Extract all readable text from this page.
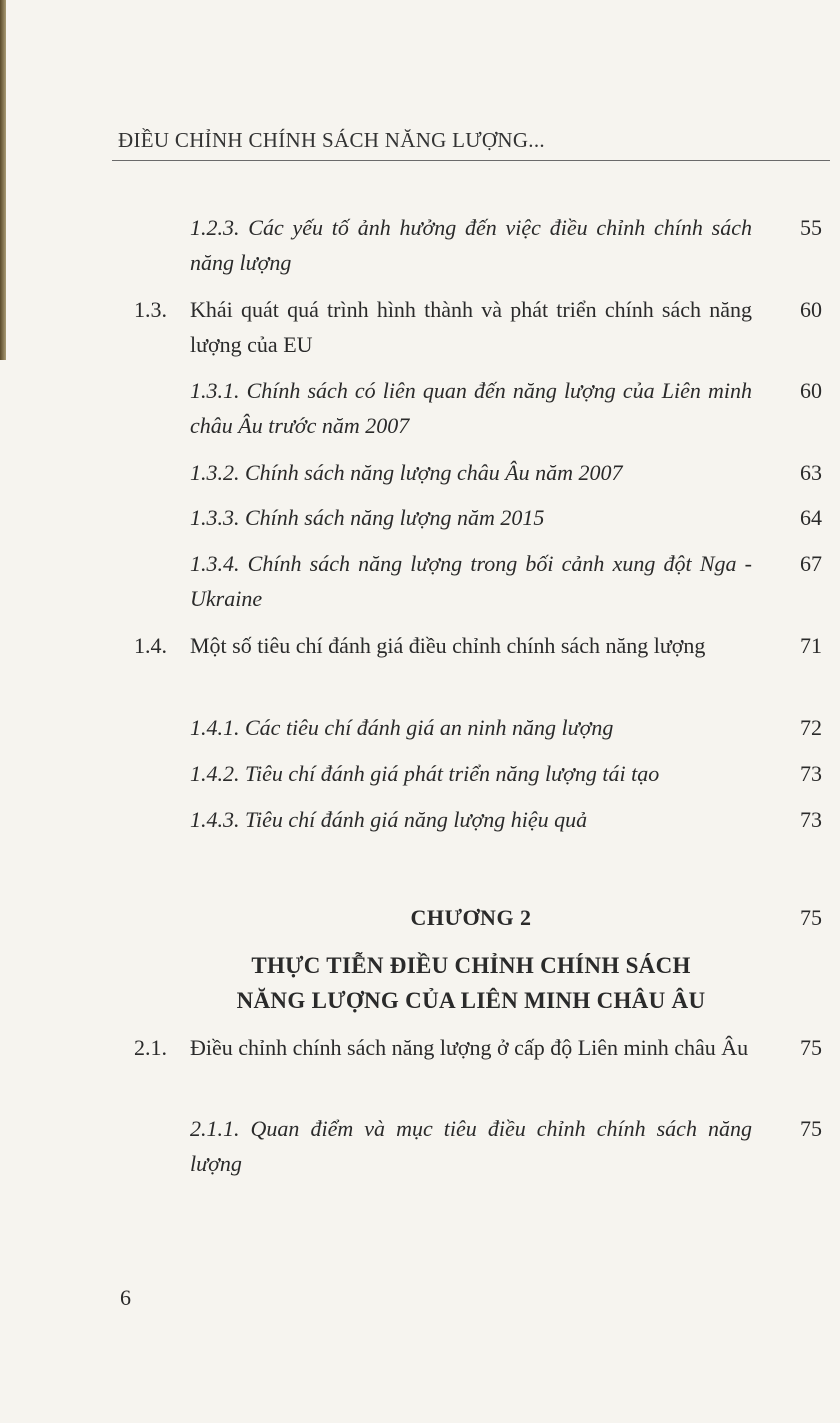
ĐIỀU CHỈNH CHÍNH SÁCH NĂNG LƯỢNG...
1.2.3. Các yếu tố ảnh hưởng đến việc điều chỉnh chính sách năng lượng
55
1.3. Khái quát quá trình hình thành và phát triển chính sách năng lượng của EU
60
1.3.1. Chính sách có liên quan đến năng lượng của Liên minh châu Âu trước năm 2007
60
1.3.2. Chính sách năng lượng châu Âu năm 2007	63
1.3.3. Chính sách năng lượng năm 2015	64
1.3.4. Chính sách năng lượng trong bối cảnh xung đột Nga - Ukraine
67
1.4. Một số tiêu chí đánh giá điều chỉnh chính sách năng lượng	71
1.4.1. Các tiêu chí đánh giá an ninh năng lượng	72
1.4.2. Tiêu chí đánh giá phát triển năng lượng tái tạo	73
1.4.3. Tiêu chí đánh giá năng lượng hiệu quả	73
CHƯƠNG 2	75
THỰC TIỄN ĐIỀU CHỈNH CHÍNH SÁCH
NĂNG LƯỢNG CỦA LIÊN MINH CHÂU ÂU
2.1. Điều chỉnh chính sách năng lượng ở cấp độ Liên minh châu Âu	75
2.1.1. Quan điểm và mục tiêu điều chỉnh chính sách năng lượng
75
6
